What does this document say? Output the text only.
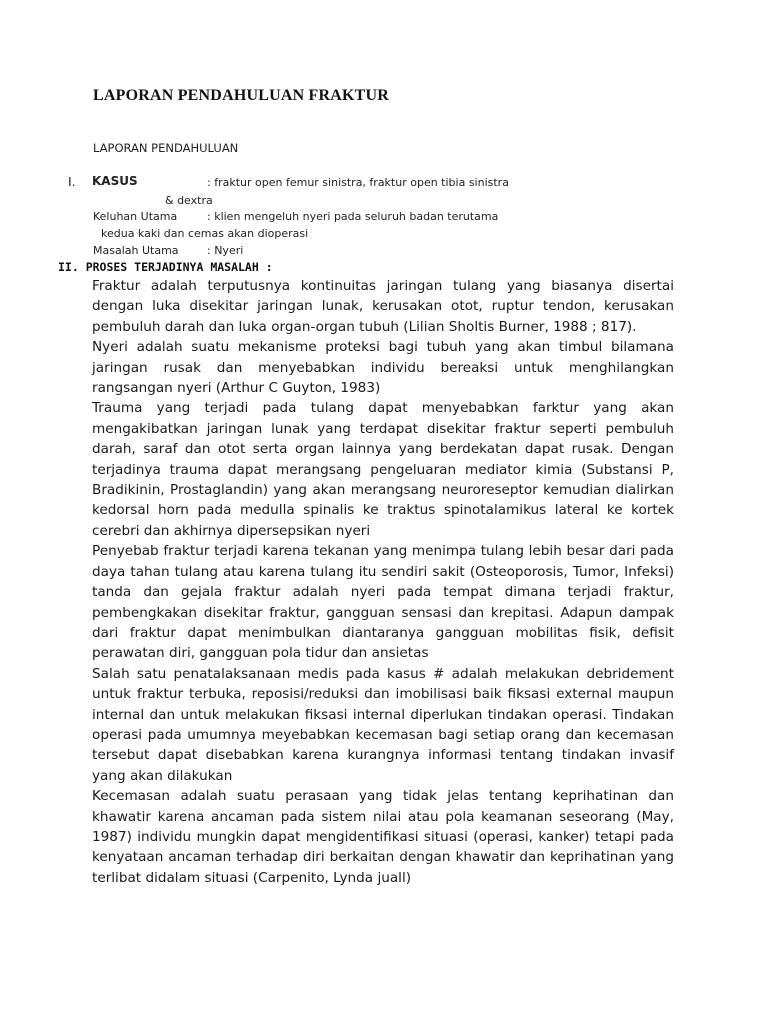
LAPORAN PENDAHULUAN FRAKTUR
LAPORAN PENDAHULUAN
I. KASUS	: fraktur open femur sinistra, fraktur open tibia sinistra
& dextra
Keluhan Utama	: klien mengeluh nyeri pada seluruh badan terutama
kedua kaki dan cemas akan dioperasi
Masalah Utama	: Nyeri
II. PROSES TERJADINYA MASALAH :

Fraktur adalah terputusnya kontinuitas jaringan tulang yang biasanya disertai dengan luka disekitar jaringan lunak, kerusakan otot, ruptur tendon, kerusakan pembuluh darah dan luka organ-organ tubuh (Lilian Sholtis Burner, 1988 ; 817).

Nyeri adalah suatu mekanisme proteksi bagi tubuh yang akan timbul bilamana jaringan rusak dan menyebabkan individu bereaksi untuk menghilangkan rangsangan nyeri (Arthur C Guyton, 1983)

Trauma yang terjadi pada tulang dapat menyebabkan farktur yang akan mengakibatkan jaringan lunak yang terdapat disekitar fraktur seperti pembuluh darah, saraf dan otot serta organ lainnya yang berdekatan dapat rusak. Dengan terjadinya trauma dapat merangsang pengeluaran mediator kimia (Substansi P, Bradikinin, Prostaglandin) yang akan merangsang neuroreseptor kemudian dialirkan kedorsal horn pada medulla spinalis ke traktus spinotalamikus lateral ke kortek cerebri dan akhirnya dipersepsikan nyeri

Penyebab fraktur terjadi karena tekanan yang menimpa tulang lebih besar dari pada daya tahan tulang atau karena tulang itu sendiri sakit (Osteoporosis, Tumor, Infeksi) tanda dan gejala fraktur adalah nyeri pada tempat dimana terjadi fraktur, pembengkakan disekitar fraktur, gangguan sensasi dan krepitasi. Adapun dampak dari fraktur dapat menimbulkan diantaranya gangguan mobilitas fisik, defisit perawatan diri, gangguan pola tidur dan ansietas

Salah satu penatalaksanaan medis pada kasus # adalah melakukan debridement untuk fraktur terbuka, reposisi/reduksi dan imobilisasi baik fiksasi external maupun internal dan untuk melakukan fiksasi internal diperlukan tindakan operasi. Tindakan operasi pada umumnya meyebabkan kecemasan bagi setiap orang dan kecemasan tersebut dapat disebabkan karena kurangnya informasi tentang tindakan invasif yang akan dilakukan

Kecemasan adalah suatu perasaan yang tidak jelas tentang keprihatinan dan khawatir karena ancaman pada sistem nilai atau pola keamanan seseorang (May, 1987) individu mungkin dapat mengidentifikasi situasi (operasi, kanker) tetapi pada kenyataan ancaman terhadap diri berkaitan dengan khawatir dan keprihatinan yang terlibat didalam situasi (Carpenito, Lynda juall)
